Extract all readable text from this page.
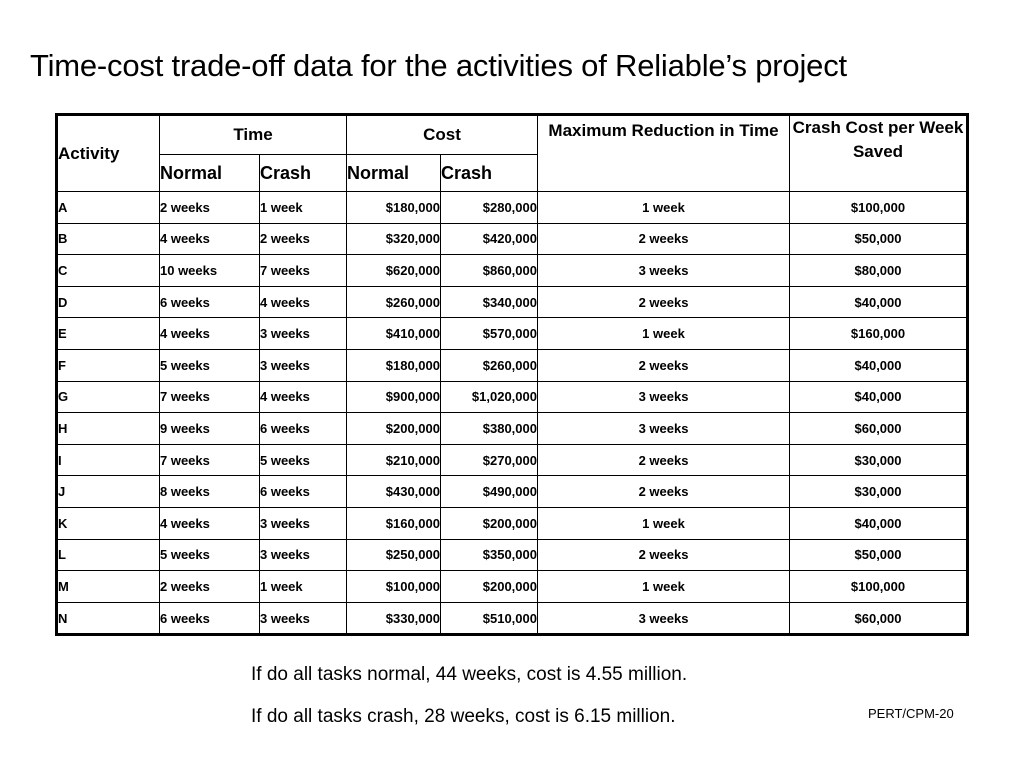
Time-cost trade-off data for the activities of Reliable’s project
Activity	Time		Cost		Maximum Reduction in Time	Crash Cost per Week Saved
	Normal	Crash	Normal	Crash		
A	2 weeks	1 week	$180,000	$280,000	1 week	$100,000
B	4 weeks	2 weeks	$320,000	$420,000	2 weeks	$50,000
C	10 weeks	7 weeks	$620,000	$860,000	3 weeks	$80,000
D	6 weeks	4 weeks	$260,000	$340,000	2 weeks	$40,000
E	4 weeks	3 weeks	$410,000	$570,000	1 week	$160,000
F	5 weeks	3 weeks	$180,000	$260,000	2 weeks	$40,000
G	7 weeks	4 weeks	$900,000	$1,020,000	3 weeks	$40,000
H	9 weeks	6 weeks	$200,000	$380,000	3 weeks	$60,000
I	7 weeks	5 weeks	$210,000	$270,000	2 weeks	$30,000
J	8 weeks	6 weeks	$430,000	$490,000	2 weeks	$30,000
K	4 weeks	3 weeks	$160,000	$200,000	1 week	$40,000
L	5 weeks	3 weeks	$250,000	$350,000	2 weeks	$50,000
M	2 weeks	1 week	$100,000	$200,000	1 week	$100,000
N	6 weeks	3 weeks	$330,000	$510,000	3 weeks	$60,000
If do all tasks normal, 44 weeks, cost is 4.55 million.
If do all tasks crash, 28 weeks, cost is 6.15 million.	PERT/CPM-20
